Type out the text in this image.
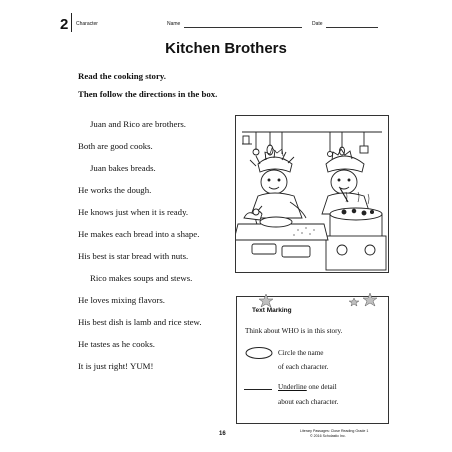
2 Character	Name	Date
Kitchen Brothers
Read the cooking story.
Then follow the directions in the box.
Juan and Rico are brothers.
Both are good cooks.
Juan bakes breads.
He works the dough.
He knows just when it is ready.
He makes each bread into a shape.
His best is star bread with nuts.
Rico makes soups and stews.
He loves mixing flavors.
His best dish is lamb and rice stew.
He tastes as he cooks.
It is just right! YUM!
Text Marking
Think about WHO is in this story.
Circle the name
of each character.
Underline one detail
about each character.
16	Literary Passages: Close Reading Grade 1
© 2016 Scholastic Inc.
